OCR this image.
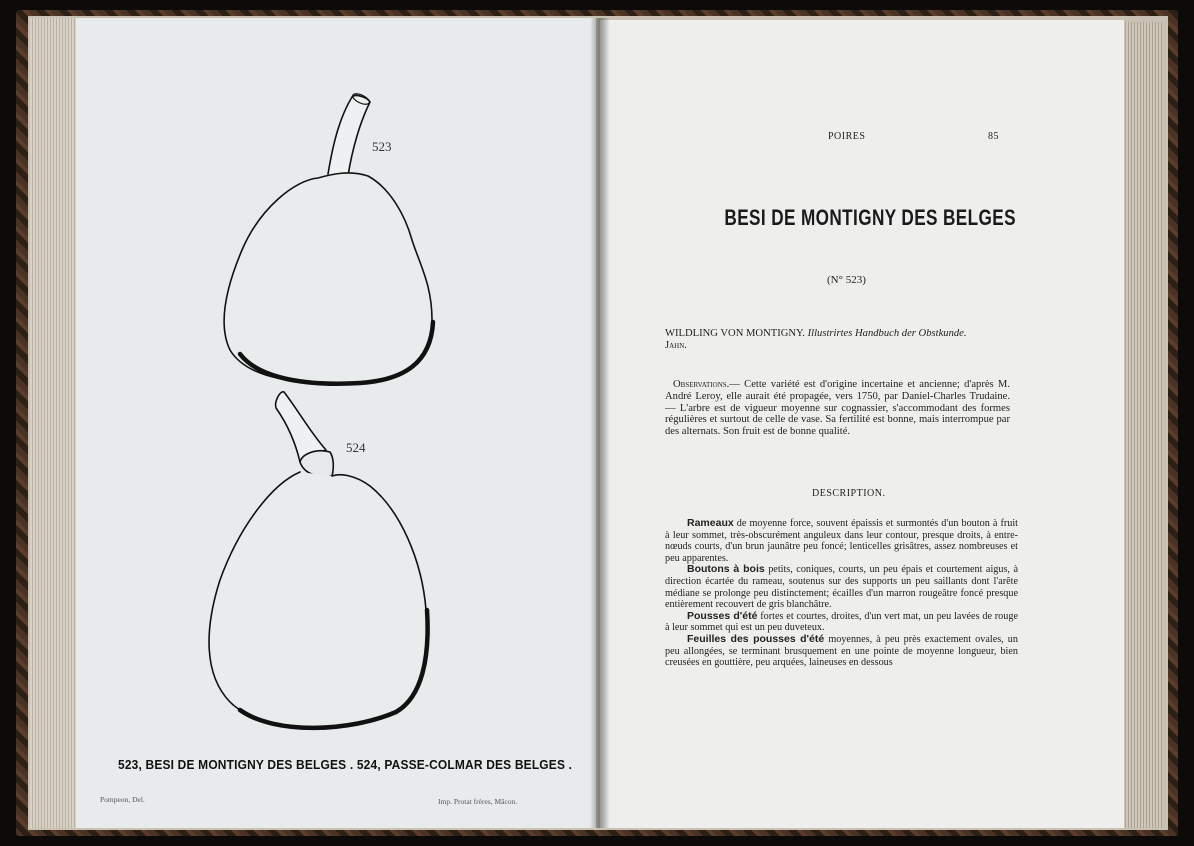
523

524

523, BESI DE MONTIGNY DES BELGES . 524, PASSE-COLMAR DES BELGES .

Pompeon, Del.	Imp. Protat frères, Mâcon.

POIRES	85

BESI DE MONTIGNY DES BELGES

(N° 523)

WILDLING VON MONTIGNY. Illustrirtes Handbuch der Obstkunde.
Jahn.
Observations.— Cette variété est d'origine incertaine et ancienne; d'après M. André Leroy, elle aurait été propagée, vers 1750, par Daniel-Charles Trudaine. — L'arbre est de vigueur moyenne sur cognassier, s'accommodant des formes régulières et surtout de celle de vase. Sa fertilité est bonne, mais interrompue par des alternats. Son fruit est de bonne qualité.

DESCRIPTION.

Rameaux de moyenne force, souvent épaissis et surmontés d'un bouton à fruit à leur sommet, très-obscurément anguleux dans leur contour, presque droits, à entre-nœuds courts, d'un brun jaunâtre peu foncé; lenticelles grisâtres, assez nombreuses et peu apparentes.

Boutons à bois petits, coniques, courts, un peu épais et courtement aigus, à direction écartée du rameau, soutenus sur des supports un peu saillants dont l'arête médiane se prolonge peu distinctement; écailles d'un marron rougeâtre foncé presque entièrement recouvert de gris blanchâtre.

Pousses d'été fortes et courtes, droites, d'un vert mat, un peu lavées de rouge à leur sommet qui est un peu duveteux.

Feuilles des pousses d'été moyennes, à peu près exactement ovales, un peu allongées, se terminant brusquement en une pointe de moyenne longueur, bien creusées en gouttière, peu arquées, laineuses en dessous
